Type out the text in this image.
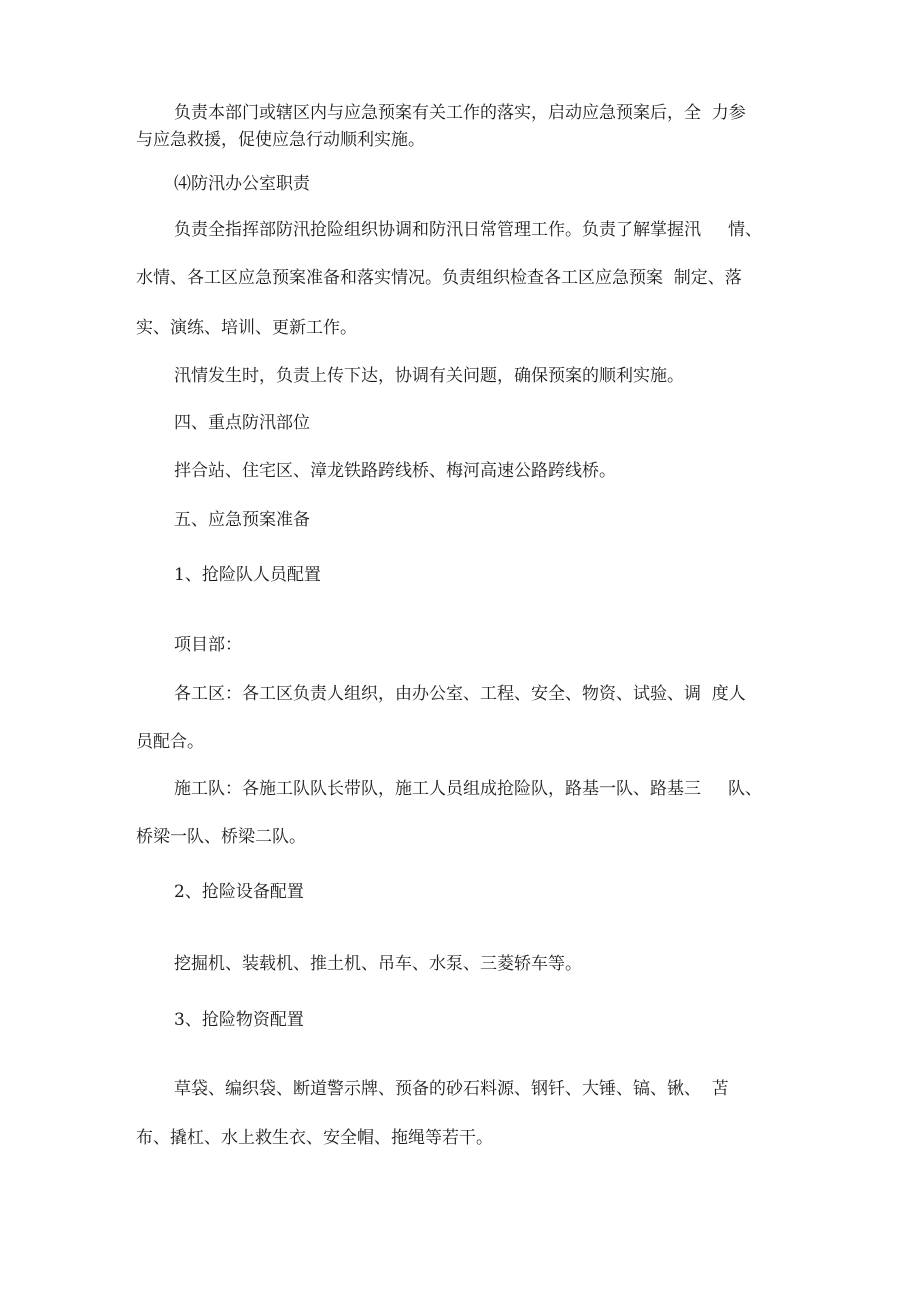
负责本部门或辖区内与应急预案有关工作的落实，启动应急预案后，全  力参
与应急救援，促使应急行动顺利实施。
⑷防汛办公室职责
负责全指挥部防汛抢险组织协调和防汛日常管理工作。负责了解掌握汛     情、
水情、各工区应急预案准备和落实情况。负责组织检查各工区应急预案  制定、落
实、演练、培训、更新工作。
汛情发生时，负责上传下达，协调有关问题，确保预案的顺利实施。
四、重点防汛部位
拌合站、住宅区、漳龙铁路跨线桥、梅河高速公路跨线桥。
五、应急预案准备
1、抢险队人员配置
项目部：
各工区：各工区负责人组织，由办公室、工程、安全、物资、试验、调  度人
员配合。
施工队：各施工队队长带队，施工人员组成抢险队，路基一队、路基三     队、
桥梁一队、桥梁二队。
2、抢险设备配置
挖掘机、装载机、推土机、吊车、水泵、三菱轿车等。
3、抢险物资配置
草袋、编织袋、断道警示牌、预备的砂石料源、钢钎、大锤、镐、锹、  苫
布、撬杠、水上救生衣、安全帽、拖绳等若干。
